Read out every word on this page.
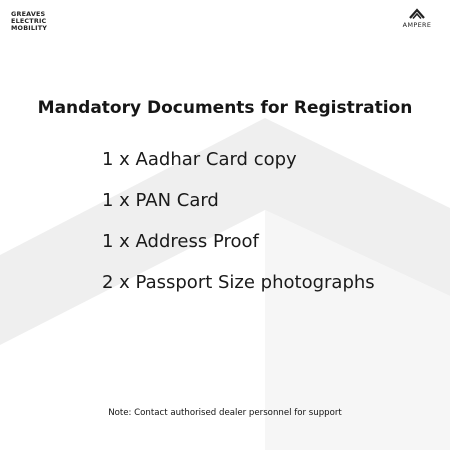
GREAVES
ELECTRIC
MOBILITY	AMPERE
Mandatory Documents for Registration
1 x Aadhar Card copy
1 x PAN Card
1 x Address Proof
2 x Passport Size photographs
Note: Contact authorised dealer personnel for support
